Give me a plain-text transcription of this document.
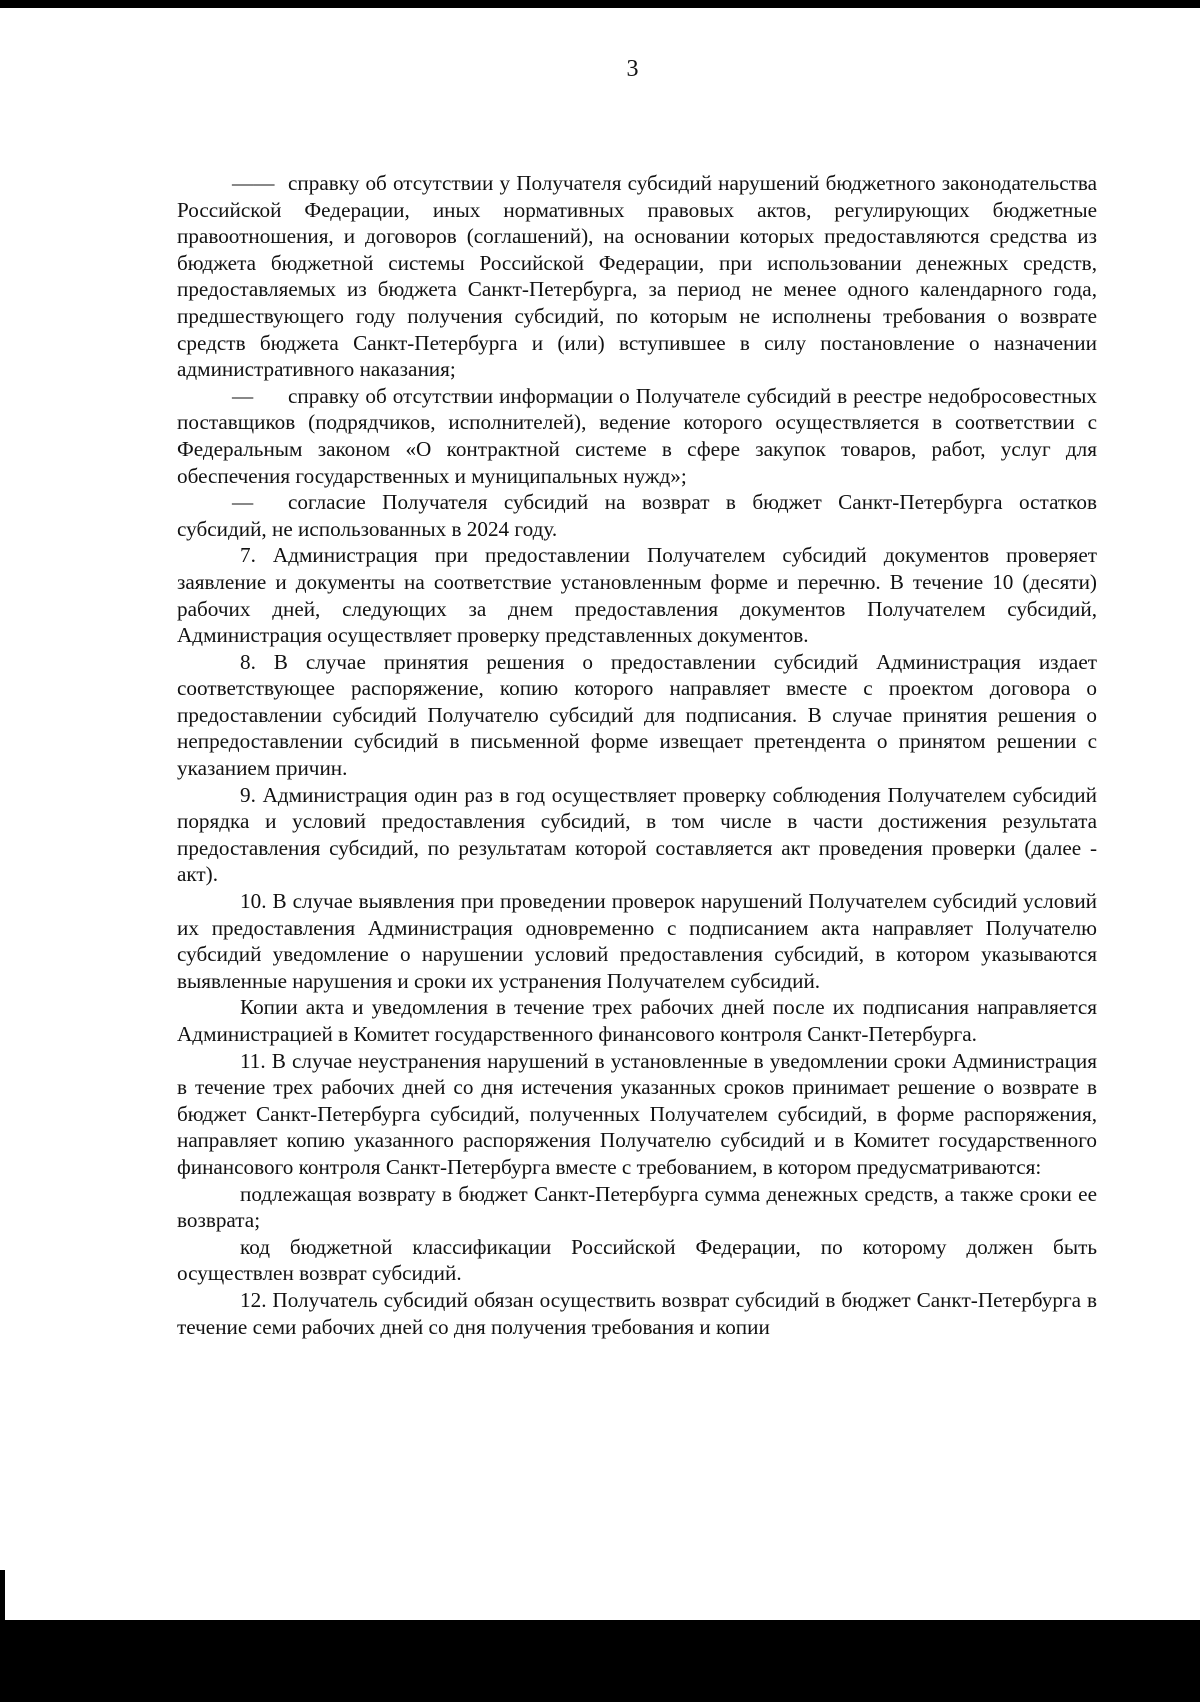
3

—— справку об отсутствии у Получателя субсидий нарушений бюджетного законодательства Российской Федерации, иных нормативных правовых актов, регулирующих бюджетные правоотношения, и договоров (соглашений), на основании которых предоставляются средства из бюджета бюджетной системы Российской Федерации, при использовании денежных средств, предоставляемых из бюджета Санкт-Петербурга, за период не менее одного календарного года, предшествующего году получения субсидий, по которым не исполнены требования о возврате средств бюджета Санкт-Петербурга и (или) вступившее в силу постановление о назначении административного наказания;

— справку об отсутствии информации о Получателе субсидий в реестре недобросовестных поставщиков (подрядчиков, исполнителей), ведение которого осуществляется в соответствии с Федеральным законом «О контрактной системе в сфере закупок товаров, работ, услуг для обеспечения государственных и муниципальных нужд»;

— согласие Получателя субсидий на возврат в бюджет Санкт-Петербурга остатков субсидий, не использованных в 2024 году.

7. Администрация при предоставлении Получателем субсидий документов проверяет заявление и документы на соответствие установленным форме и перечню. В течение 10 (десяти) рабочих дней, следующих за днем предоставления документов Получателем субсидий, Администрация осуществляет проверку представленных документов.

8. В случае принятия решения о предоставлении субсидий Администрация издает соответствующее распоряжение, копию которого направляет вместе с проектом договора о предоставлении субсидий Получателю субсидий для подписания. В случае принятия решения о непредоставлении субсидий в письменной форме извещает претендента о принятом решении с указанием причин.

9. Администрация один раз в год осуществляет проверку соблюдения Получателем субсидий порядка и условий предоставления субсидий, в том числе в части достижения результата предоставления субсидий, по результатам которой составляется акт проведения проверки (далее - акт).

10. В случае выявления при проведении проверок нарушений Получателем субсидий условий их предоставления Администрация одновременно с подписанием акта направляет Получателю субсидий уведомление о нарушении условий предоставления субсидий, в котором указываются выявленные нарушения и сроки их устранения Получателем субсидий.

Копии акта и уведомления в течение трех рабочих дней после их подписания направляется Администрацией в Комитет государственного финансового контроля Санкт-Петербурга.

11. В случае неустранения нарушений в установленные в уведомлении сроки Администрация в течение трех рабочих дней со дня истечения указанных сроков принимает решение о возврате в бюджет Санкт-Петербурга субсидий, полученных Получателем субсидий, в форме распоряжения, направляет копию указанного распоряжения Получателю субсидий и в Комитет государственного финансового контроля Санкт-Петербурга вместе с требованием, в котором предусматриваются:

подлежащая возврату в бюджет Санкт-Петербурга сумма денежных средств, а также сроки ее возврата;

код бюджетной классификации Российской Федерации, по которому должен быть осуществлен возврат субсидий.

12. Получатель субсидий обязан осуществить возврат субсидий в бюджет Санкт-Петербурга в течение семи рабочих дней со дня получения требования и копии
